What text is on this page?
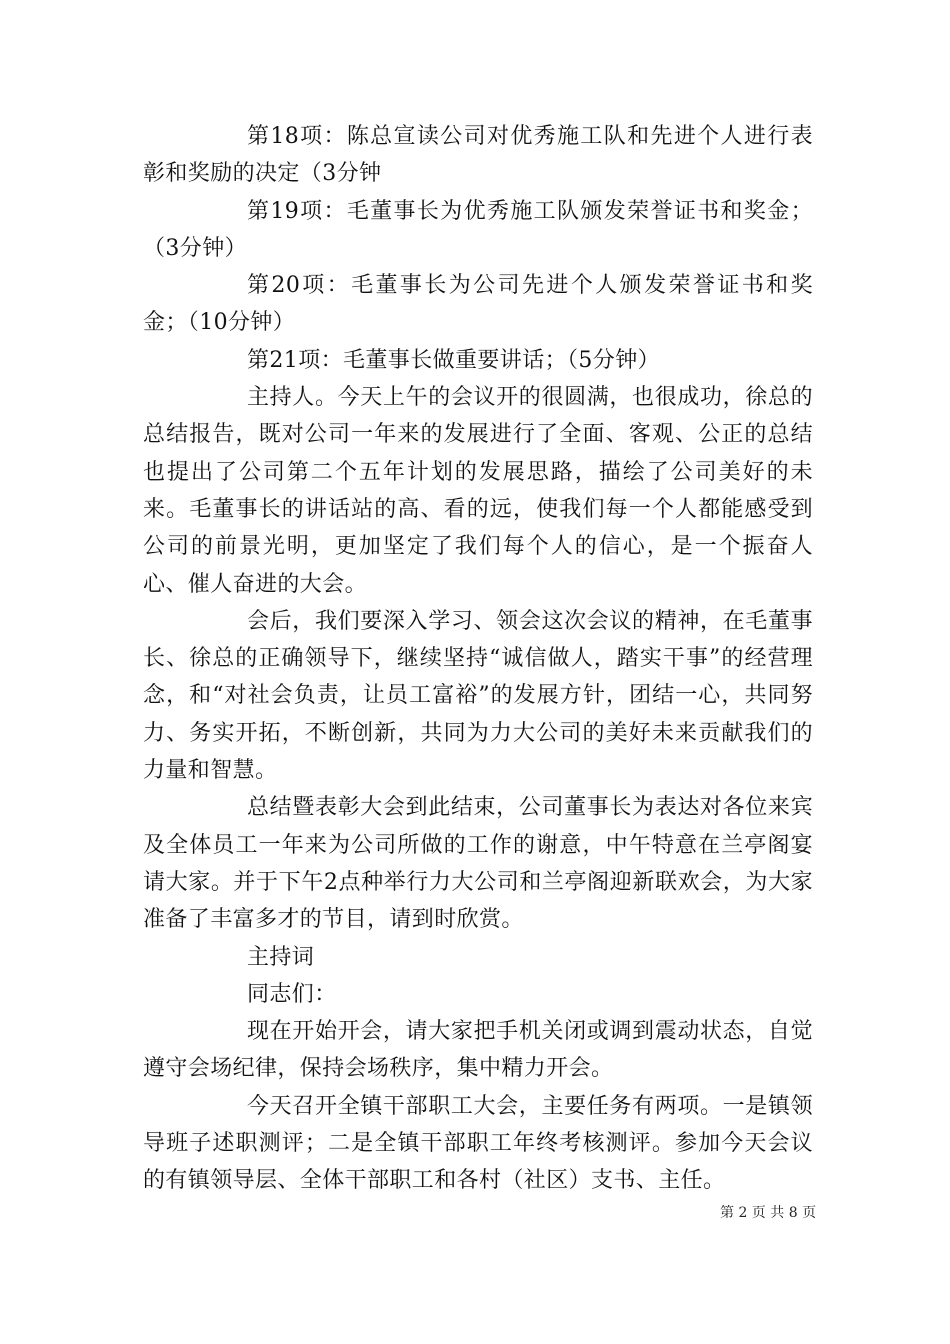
第18项：陈总宣读公司对优秀施工队和先进个人进行表彰和奖励的决定（3分钟

第19项：毛董事长为优秀施工队颁发荣誉证书和奖金；（3分钟）

第20项：毛董事长为公司先进个人颁发荣誉证书和奖金；（10分钟）

第21项：毛董事长做重要讲话；（5分钟）

主持人。今天上午的会议开的很圆满，也很成功，徐总的总结报告，既对公司一年来的发展进行了全面、客观、公正的总结也提出了公司第二个五年计划的发展思路，描绘了公司美好的未来。毛董事长的讲话站的高、看的远，使我们每一个人都能感受到公司的前景光明，更加坚定了我们每个人的信心，是一个振奋人心、催人奋进的大会。

会后，我们要深入学习、领会这次会议的精神，在毛董事长、徐总的正确领导下，继续坚持“诚信做人，踏实干事”的经营理念，和“对社会负责，让员工富裕”的发展方针，团结一心，共同努力、务实开拓，不断创新，共同为力大公司的美好未来贡献我们的力量和智慧。

总结暨表彰大会到此结束，公司董事长为表达对各位来宾及全体员工一年来为公司所做的工作的谢意，中午特意在兰亭阁宴请大家。并于下午2点种举行力大公司和兰亭阁迎新联欢会，为大家准备了丰富多才的节目，请到时欣赏。

主持词

同志们：

现在开始开会，请大家把手机关闭或调到震动状态，自觉遵守会场纪律，保持会场秩序，集中精力开会。

今天召开全镇干部职工大会，主要任务有两项。一是镇领导班子述职测评；二是全镇干部职工年终考核测评。参加今天会议的有镇领导层、全体干部职工和各村（社区）支书、主任。

第 2 页 共 8 页
